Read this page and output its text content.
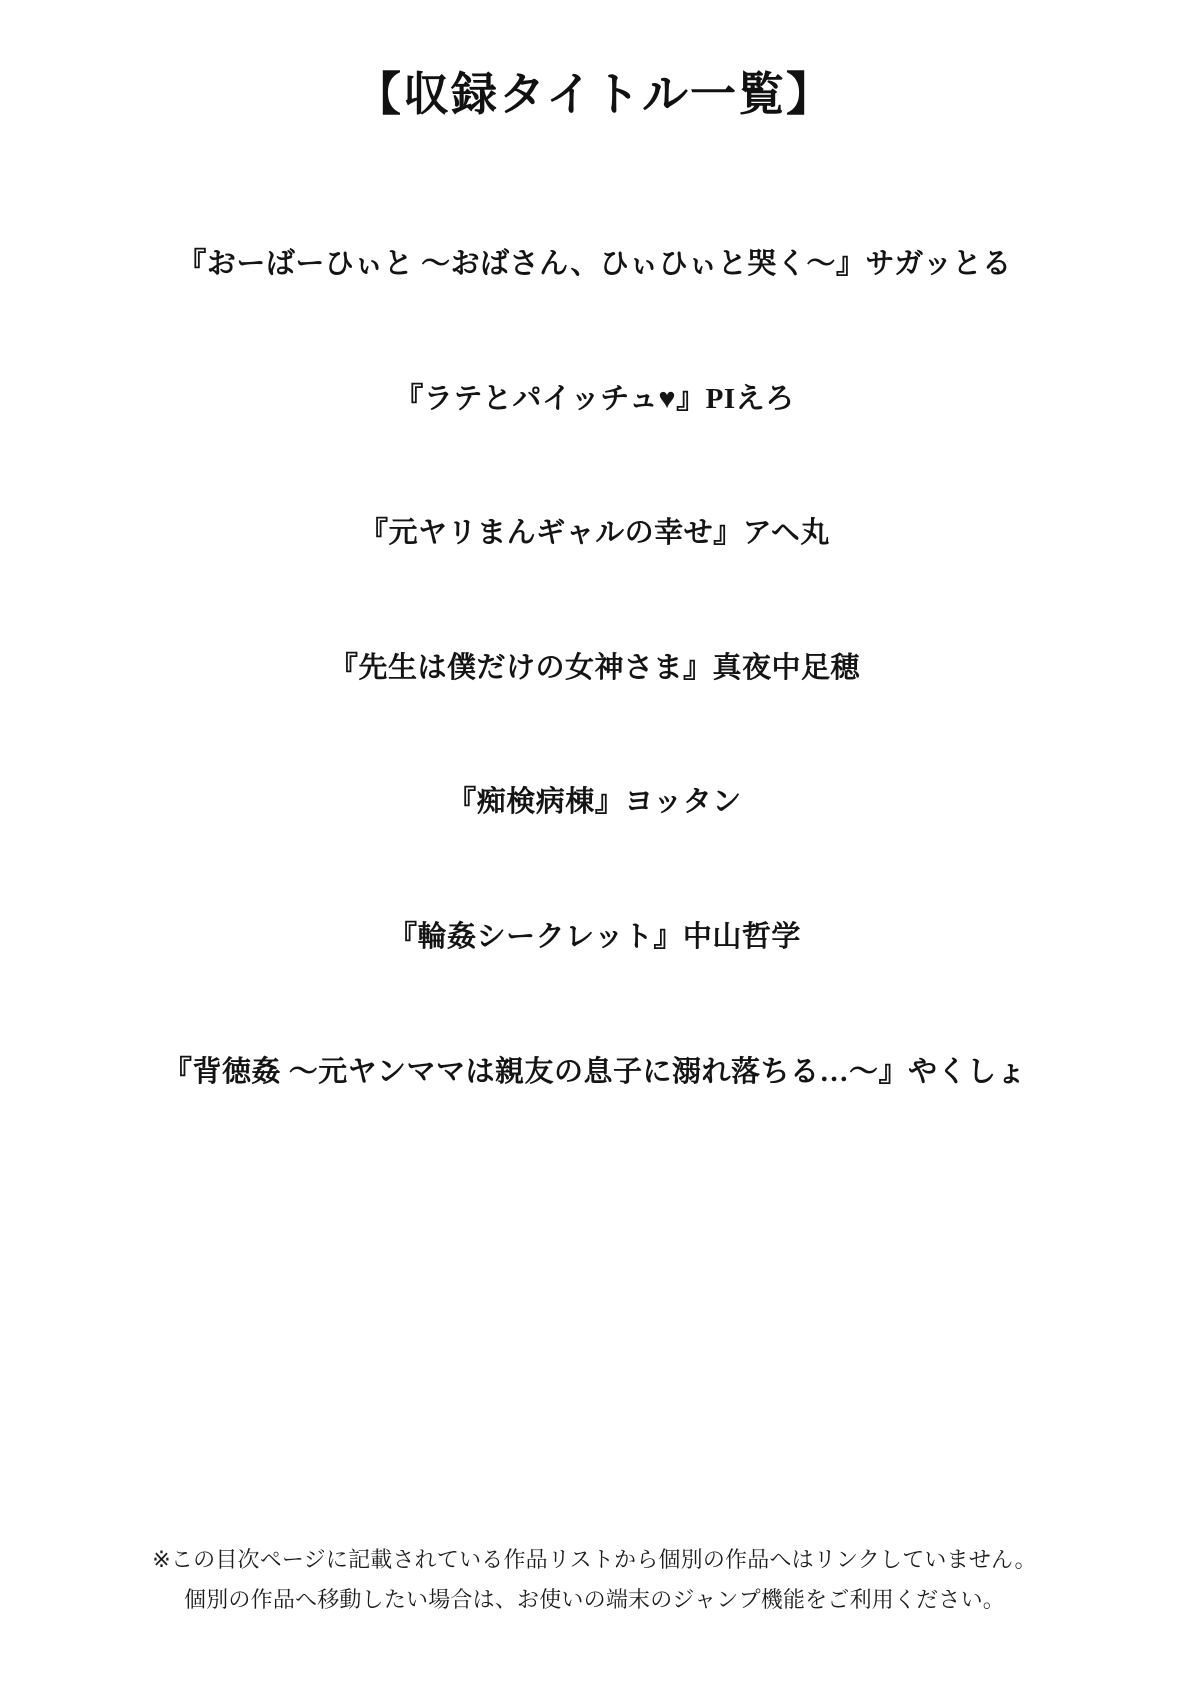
【収録タイトル一覧】
『おーばーひぃと ～おばさん、ひぃひぃと哭く～』サガッとる
『ラテとパイッチュ♥』PIえろ
『元ヤリまんギャルの幸せ』アヘ丸
『先生は僕だけの女神さま』真夜中足穂
『痴検病棟』ヨッタン
『輪姦シークレット』中山哲学
『背徳姦 ～元ヤンママは親友の息子に溺れ落ちる…～』やくしょ
※この目次ページに記載されている作品リストから個別の作品へはリンクしていません。
個別の作品へ移動したい場合は、お使いの端末のジャンプ機能をご利用ください。
